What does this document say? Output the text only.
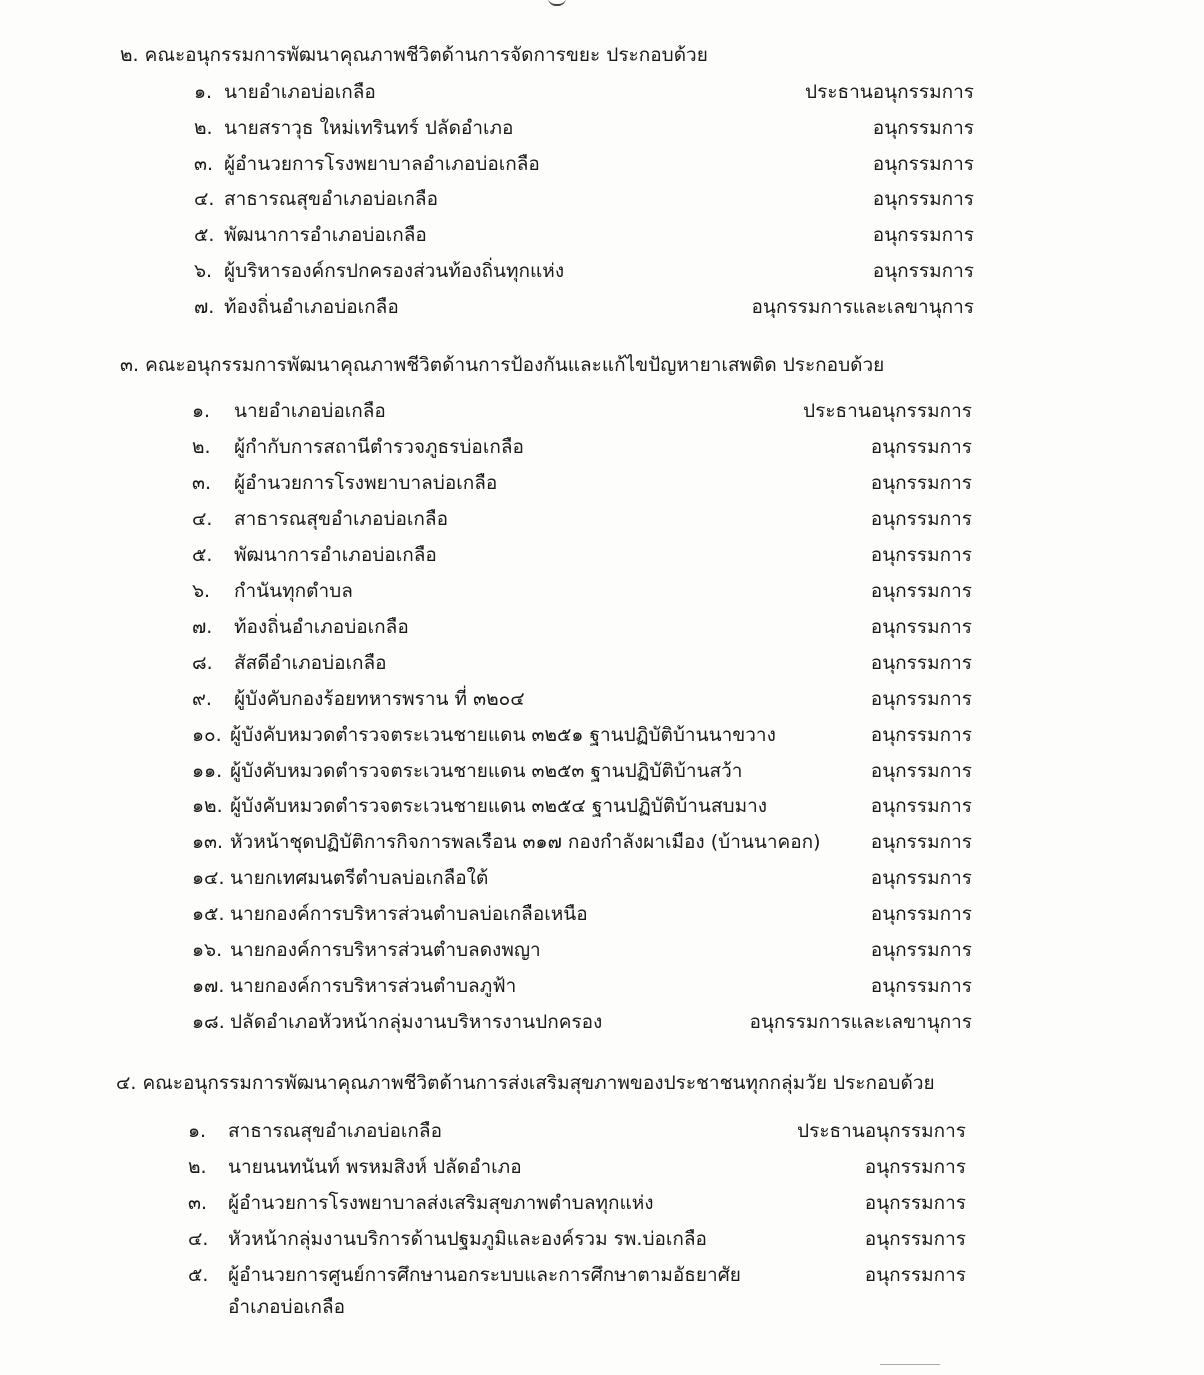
๒. คณะอนุกรรมการพัฒนาคุณภาพชีวิตด้านการจัดการขยะ ประกอบด้วย
๑. นายอำเภอบ่อเกลือ	ประธานอนุกรรมการ
๒. นายสราวุธ ใหม่เทรินทร์ ปลัดอำเภอ	อนุกรรมการ
๓. ผู้อำนวยการโรงพยาบาลอำเภอบ่อเกลือ	อนุกรรมการ
๔. สาธารณสุขอำเภอบ่อเกลือ	อนุกรรมการ
๕. พัฒนาการอำเภอบ่อเกลือ	อนุกรรมการ
๖. ผู้บริหารองค์กรปกครองส่วนท้องถิ่นทุกแห่ง	อนุกรรมการ
๗. ท้องถิ่นอำเภอบ่อเกลือ	อนุกรรมการและเลขานุการ
๓. คณะอนุกรรมการพัฒนาคุณภาพชีวิตด้านการป้องกันและแก้ไขปัญหายาเสพติด ประกอบด้วย
๑. นายอำเภอบ่อเกลือ	ประธานอนุกรรมการ
๒. ผู้กำกับการสถานีตำรวจภูธรบ่อเกลือ	อนุกรรมการ
๓. ผู้อำนวยการโรงพยาบาลบ่อเกลือ	อนุกรรมการ
๔. สาธารณสุขอำเภอบ่อเกลือ	อนุกรรมการ
๕. พัฒนาการอำเภอบ่อเกลือ	อนุกรรมการ
๖. กำนันทุกตำบล	อนุกรรมการ
๗. ท้องถิ่นอำเภอบ่อเกลือ	อนุกรรมการ
๘. สัสดีอำเภอบ่อเกลือ	อนุกรรมการ
๙. ผู้บังคับกองร้อยทหารพราน ที่ ๓๒๐๔	อนุกรรมการ
๑๐. ผู้บังคับหมวดตำรวจตระเวนชายแดน ๓๒๕๑ ฐานปฏิบัติบ้านนาขวาง	อนุกรรมการ
๑๑. ผู้บังคับหมวดตำรวจตระเวนชายแดน ๓๒๕๓ ฐานปฏิบัติบ้านสว้า	อนุกรรมการ
๑๒. ผู้บังคับหมวดตำรวจตระเวนชายแดน ๓๒๕๔ ฐานปฏิบัติบ้านสบมาง	อนุกรรมการ
๑๓. หัวหน้าชุดปฏิบัติการกิจการพลเรือน ๓๑๗ กองกำลังผาเมือง (บ้านนาคอก)	อนุกรรมการ
๑๔. นายกเทศมนตรีตำบลบ่อเกลือใต้	อนุกรรมการ
๑๕. นายกองค์การบริหารส่วนตำบลบ่อเกลือเหนือ	อนุกรรมการ
๑๖. นายกองค์การบริหารส่วนตำบลดงพญา	อนุกรรมการ
๑๗. นายกองค์การบริหารส่วนตำบลภูฟ้า	อนุกรรมการ
๑๘. ปลัดอำเภอหัวหน้ากลุ่มงานบริหารงานปกครอง	อนุกรรมการและเลขานุการ
๔. คณะอนุกรรมการพัฒนาคุณภาพชีวิตด้านการส่งเสริมสุขภาพของประชาชนทุกกลุ่มวัย ประกอบด้วย
๑. สาธารณสุขอำเภอบ่อเกลือ	ประธานอนุกรรมการ
๒. นายนนทนันท์ พรหมสิงห์ ปลัดอำเภอ	อนุกรรมการ
๓. ผู้อำนวยการโรงพยาบาลส่งเสริมสุขภาพตำบลทุกแห่ง	อนุกรรมการ
๔. หัวหน้ากลุ่มงานบริการด้านปฐมภูมิและองค์รวม รพ.บ่อเกลือ	อนุกรรมการ
๕. ผู้อำนวยการศูนย์การศึกษานอกระบบและการศึกษาตามอัธยาศัย	อนุกรรมการ
อำเภอบ่อเกลือ
